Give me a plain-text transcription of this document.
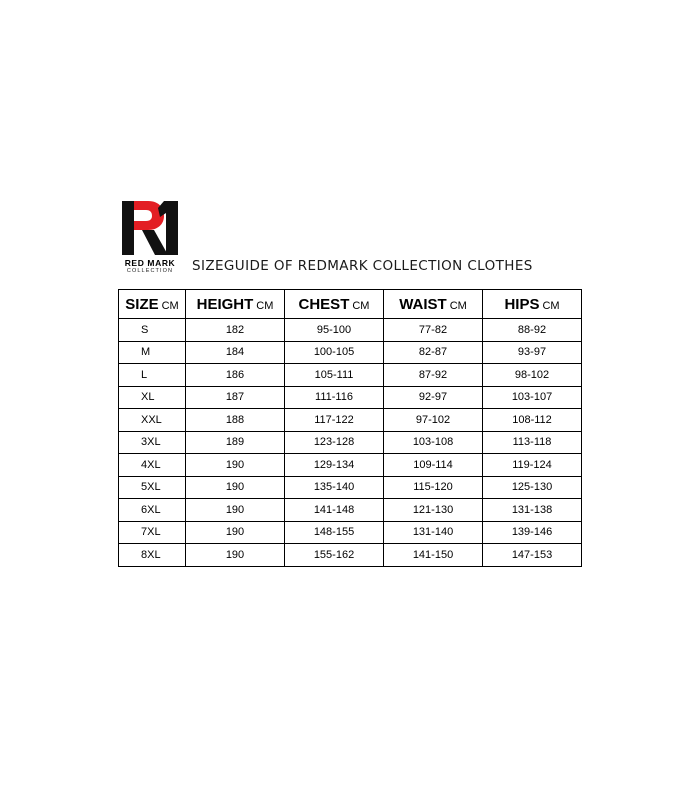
RED MARK
COLLECTION	SIZEGUIDE OF REDMARK COLLECTION CLOTHES
SIZE CM	HEIGHT CM	CHEST CM	WAIST CM	HIPS CM
S	182	95-100	77-82	88-92
M	184	100-105	82-87	93-97
L	186	105-111	87-92	98-102
XL	187	111-116	92-97	103-107
XXL	188	117-122	97-102	108-112
3XL	189	123-128	103-108	113-118
4XL	190	129-134	109-114	119-124
5XL	190	135-140	115-120	125-130
6XL	190	141-148	121-130	131-138
7XL	190	148-155	131-140	139-146
8XL	190	155-162	141-150	147-153
